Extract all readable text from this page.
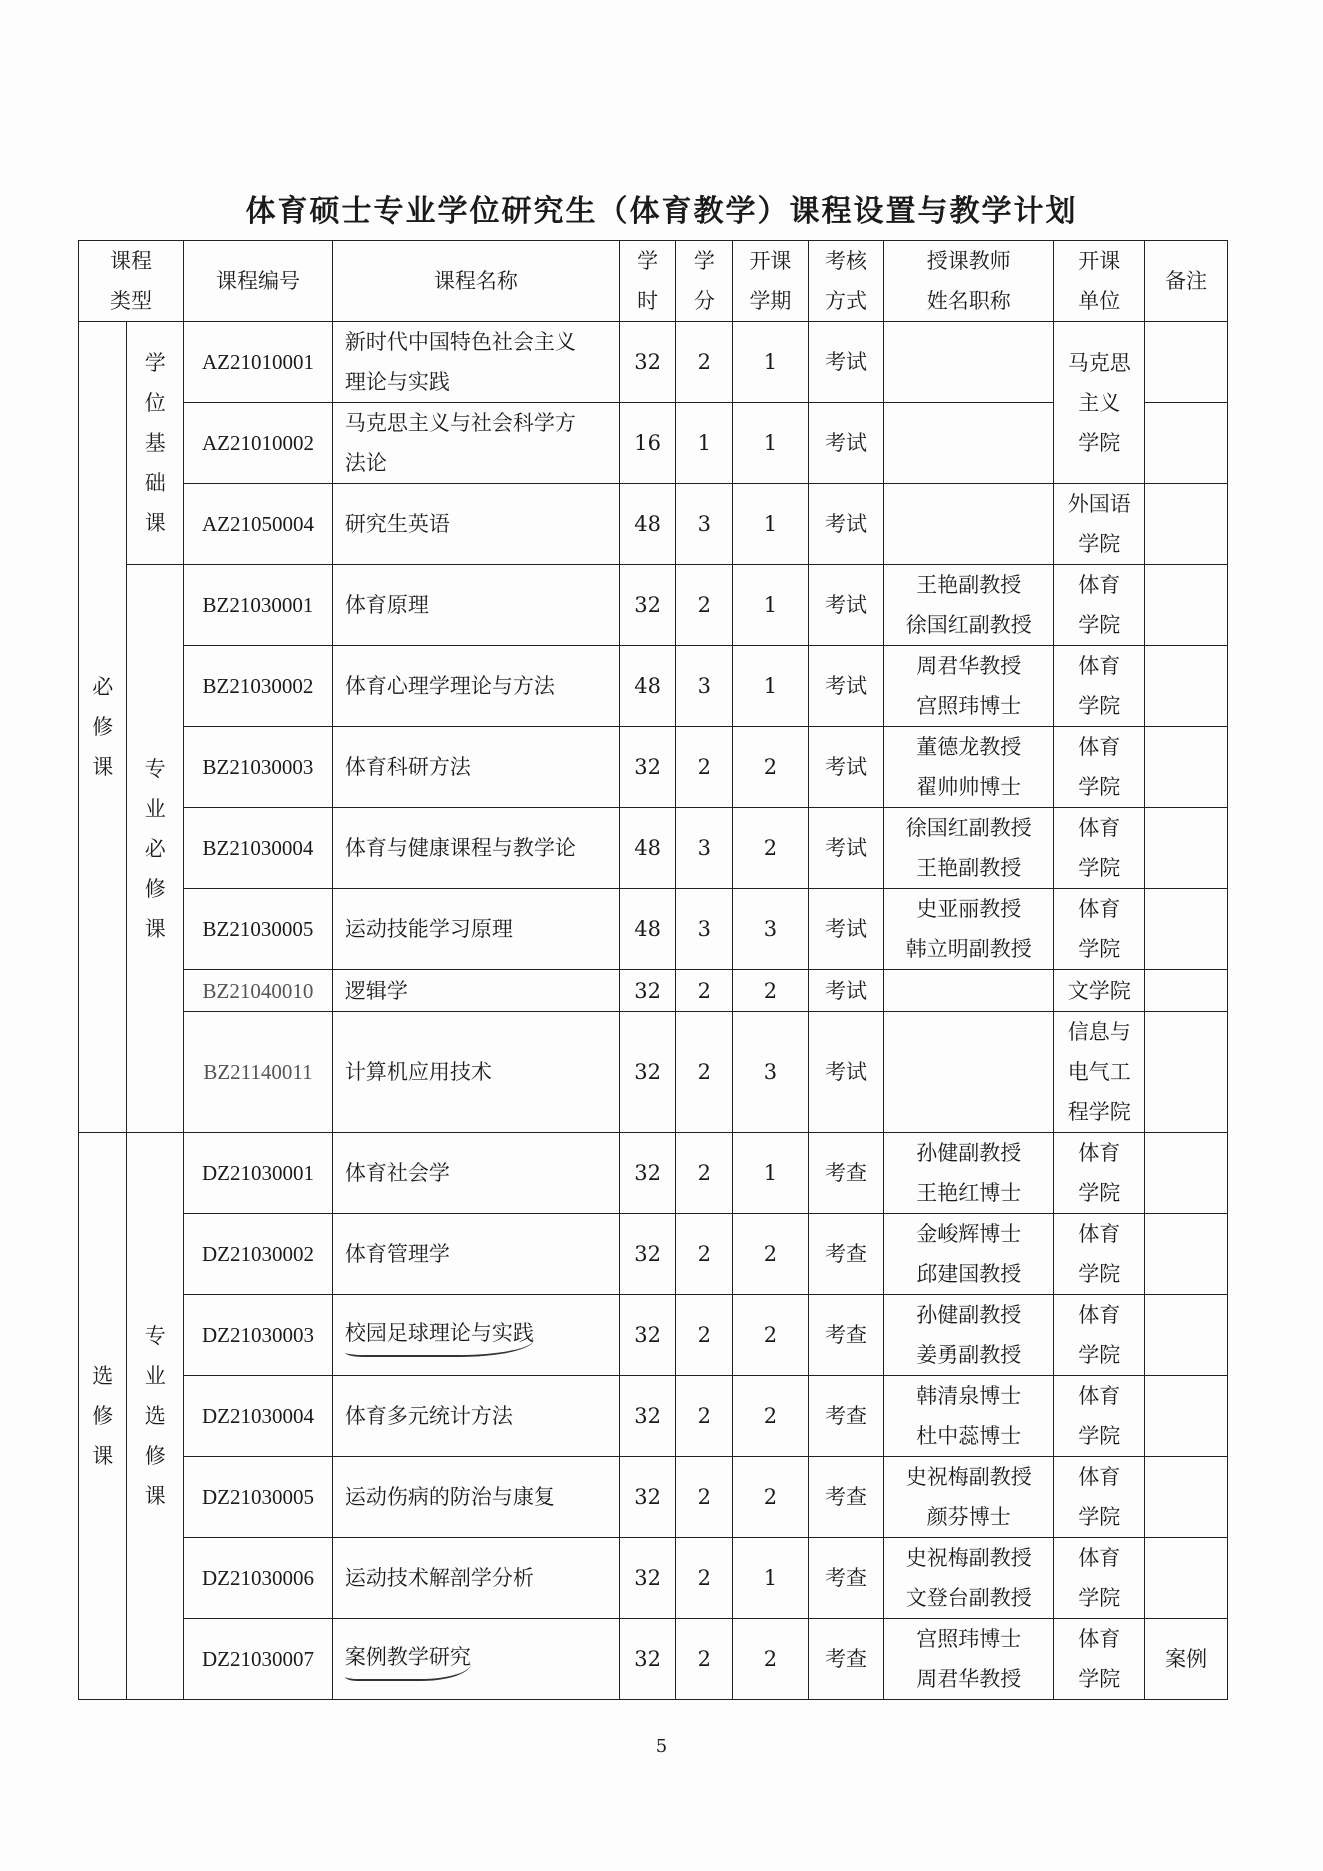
体育硕士专业学位研究生（体育教学）课程设置与教学计划
课程
类型		课程编号	课程名称	学
时	学
分	开课
学期	考核
方式	授课教师
姓名职称	开课
单位	备注
必修课	学位基础课	AZ21010001	新时代中国特色社会主义
理论与实践	32	2	1	考试		马克思
主义
学院	
		AZ21010002	马克思主义与社会科学方
法论	16	1	1	考试			
		AZ21050004	研究生英语	48	3	1	考试		外国语
学院	
	专业必修课	BZ21030001	体育原理	32	2	1	考试	王艳副教授
徐国红副教授	体育
学院	
		BZ21030002	体育心理学理论与方法	48	3	1	考试	周君华教授
宫照玮博士	体育
学院	
		BZ21030003	体育科研方法	32	2	2	考试	董德龙教授
翟帅帅博士	体育
学院	
		BZ21030004	体育与健康课程与教学论	48	3	2	考试	徐国红副教授
王艳副教授	体育
学院	
		BZ21030005	运动技能学习原理	48	3	3	考试	史亚丽教授
韩立明副教授	体育
学院	
		BZ21040010	逻辑学	32	2	2	考试		文学院	
		BZ21140011	计算机应用技术	32	2	3	考试		信息与
电气工
程学院	
选修课	专业选修课	DZ21030001	体育社会学	32	2	1	考查	孙健副教授
王艳红博士	体育
学院	
		DZ21030002	体育管理学	32	2	2	考查	金峻辉博士
邱建国教授	体育
学院	
		DZ21030003	校园足球理论与实践	32	2	2	考查	孙健副教授
姜勇副教授	体育
学院	
		DZ21030004	体育多元统计方法	32	2	2	考查	韩清泉博士
杜中蕊博士	体育
学院	
		DZ21030005	运动伤病的防治与康复	32	2	2	考查	史祝梅副教授
颜芬博士	体育
学院	
		DZ21030006	运动技术解剖学分析	32	2	1	考查	史祝梅副教授
文登台副教授	体育
学院	
		DZ21030007	案例教学研究	32	2	2	考查	宫照玮博士
周君华教授	体育
学院	案例
5
